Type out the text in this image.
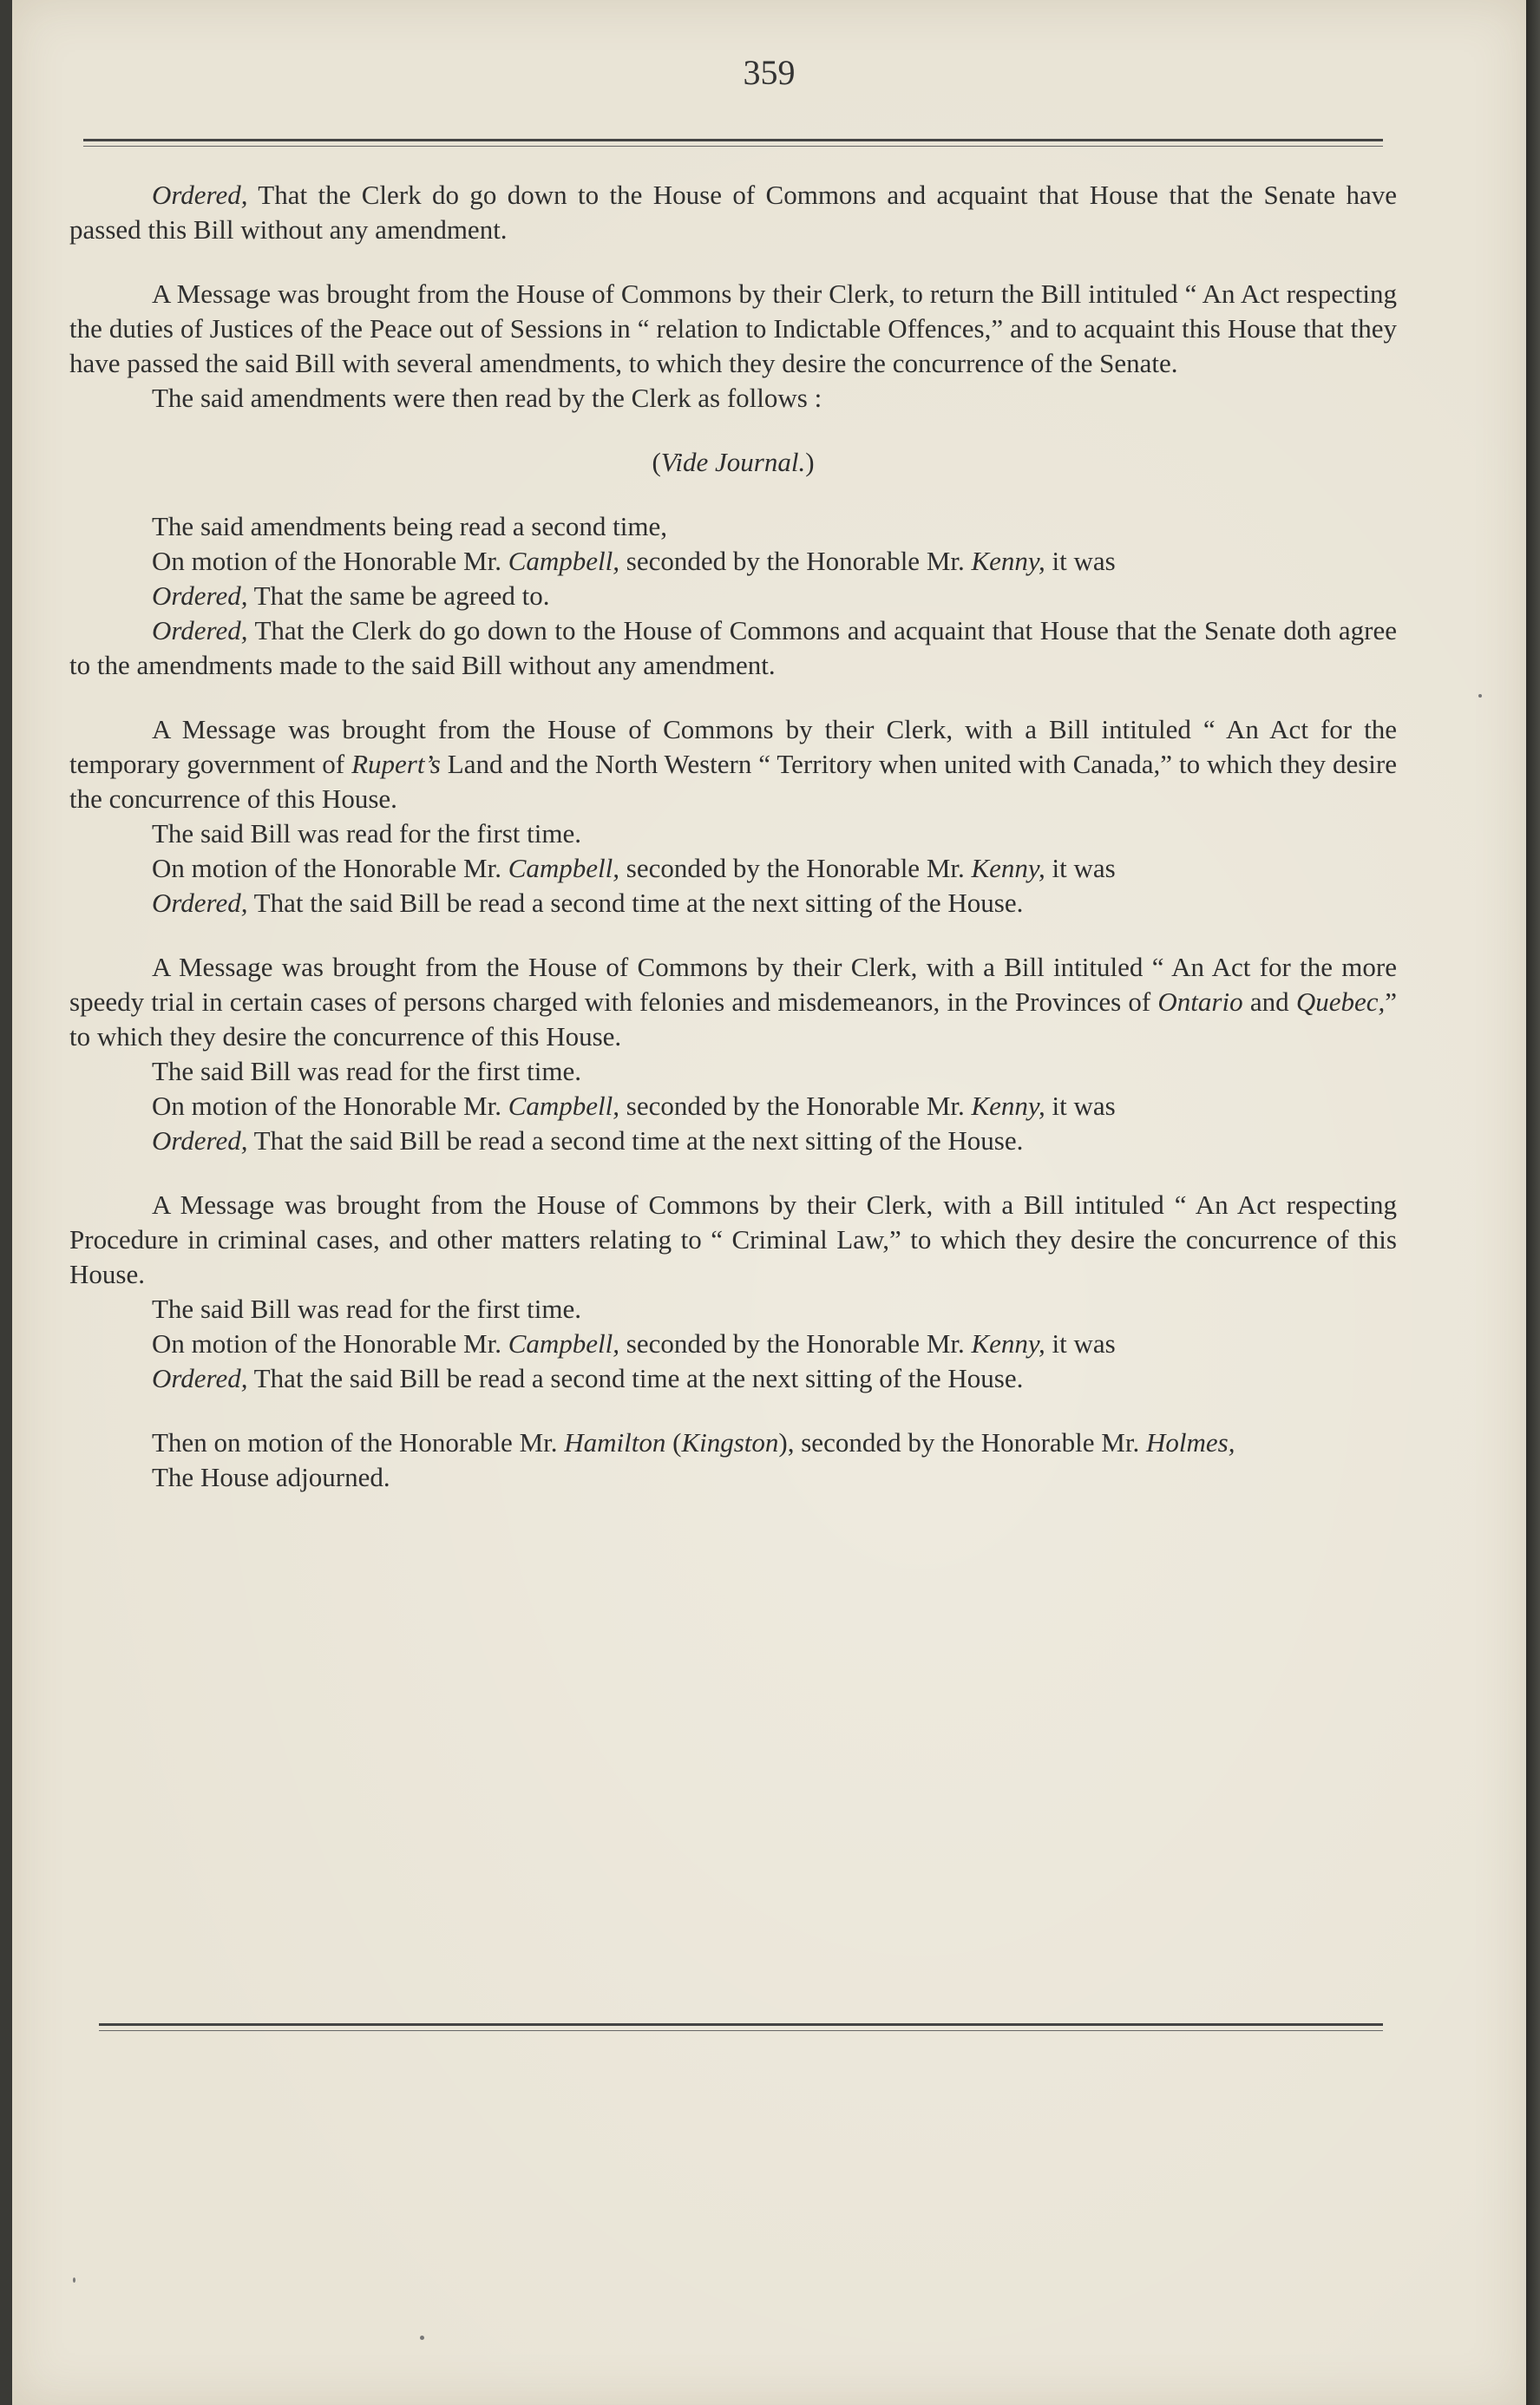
359

Ordered, That the Clerk do go down to the House of Commons and acquaint that House that the Senate have passed this Bill without any amendment.

A Message was brought from the House of Commons by their Clerk, to return the Bill intituled “ An Act respecting the duties of Justices of the Peace out of Sessions in “ relation to Indictable Offences,” and to acquaint this House that they have passed the said Bill with several amendments, to which they desire the concurrence of the Senate.

The said amendments were then read by the Clerk as follows :

(Vide Journal.)

The said amendments being read a second time,

On motion of the Honorable Mr. Campbell, seconded by the Honorable Mr. Kenny, it was

Ordered, That the same be agreed to.

Ordered, That the Clerk do go down to the House of Commons and acquaint that House that the Senate doth agree to the amendments made to the said Bill without any amendment.

A Message was brought from the House of Commons by their Clerk, with a Bill intituled “ An Act for the temporary government of Rupert’s Land and the North Western “ Territory when united with Canada,” to which they desire the concurrence of this House.

The said Bill was read for the first time.

On motion of the Honorable Mr. Campbell, seconded by the Honorable Mr. Kenny, it was

Ordered, That the said Bill be read a second time at the next sitting of the House.

A Message was brought from the House of Commons by their Clerk, with a Bill intituled “ An Act for the more speedy trial in certain cases of persons charged with felonies and misdemeanors, in the Provinces of Ontario and Quebec,” to which they desire the concurrence of this House.

The said Bill was read for the first time.

On motion of the Honorable Mr. Campbell, seconded by the Honorable Mr. Kenny, it was

Ordered, That the said Bill be read a second time at the next sitting of the House.

A Message was brought from the House of Commons by their Clerk, with a Bill intituled “ An Act respecting Procedure in criminal cases, and other matters relating to “ Criminal Law,” to which they desire the concurrence of this House.

The said Bill was read for the first time.

On motion of the Honorable Mr. Campbell, seconded by the Honorable Mr. Kenny, it was

Ordered, That the said Bill be read a second time at the next sitting of the House.

Then on motion of the Honorable Mr. Hamilton (Kingston), seconded by the Honorable Mr. Holmes,

The House adjourned.
